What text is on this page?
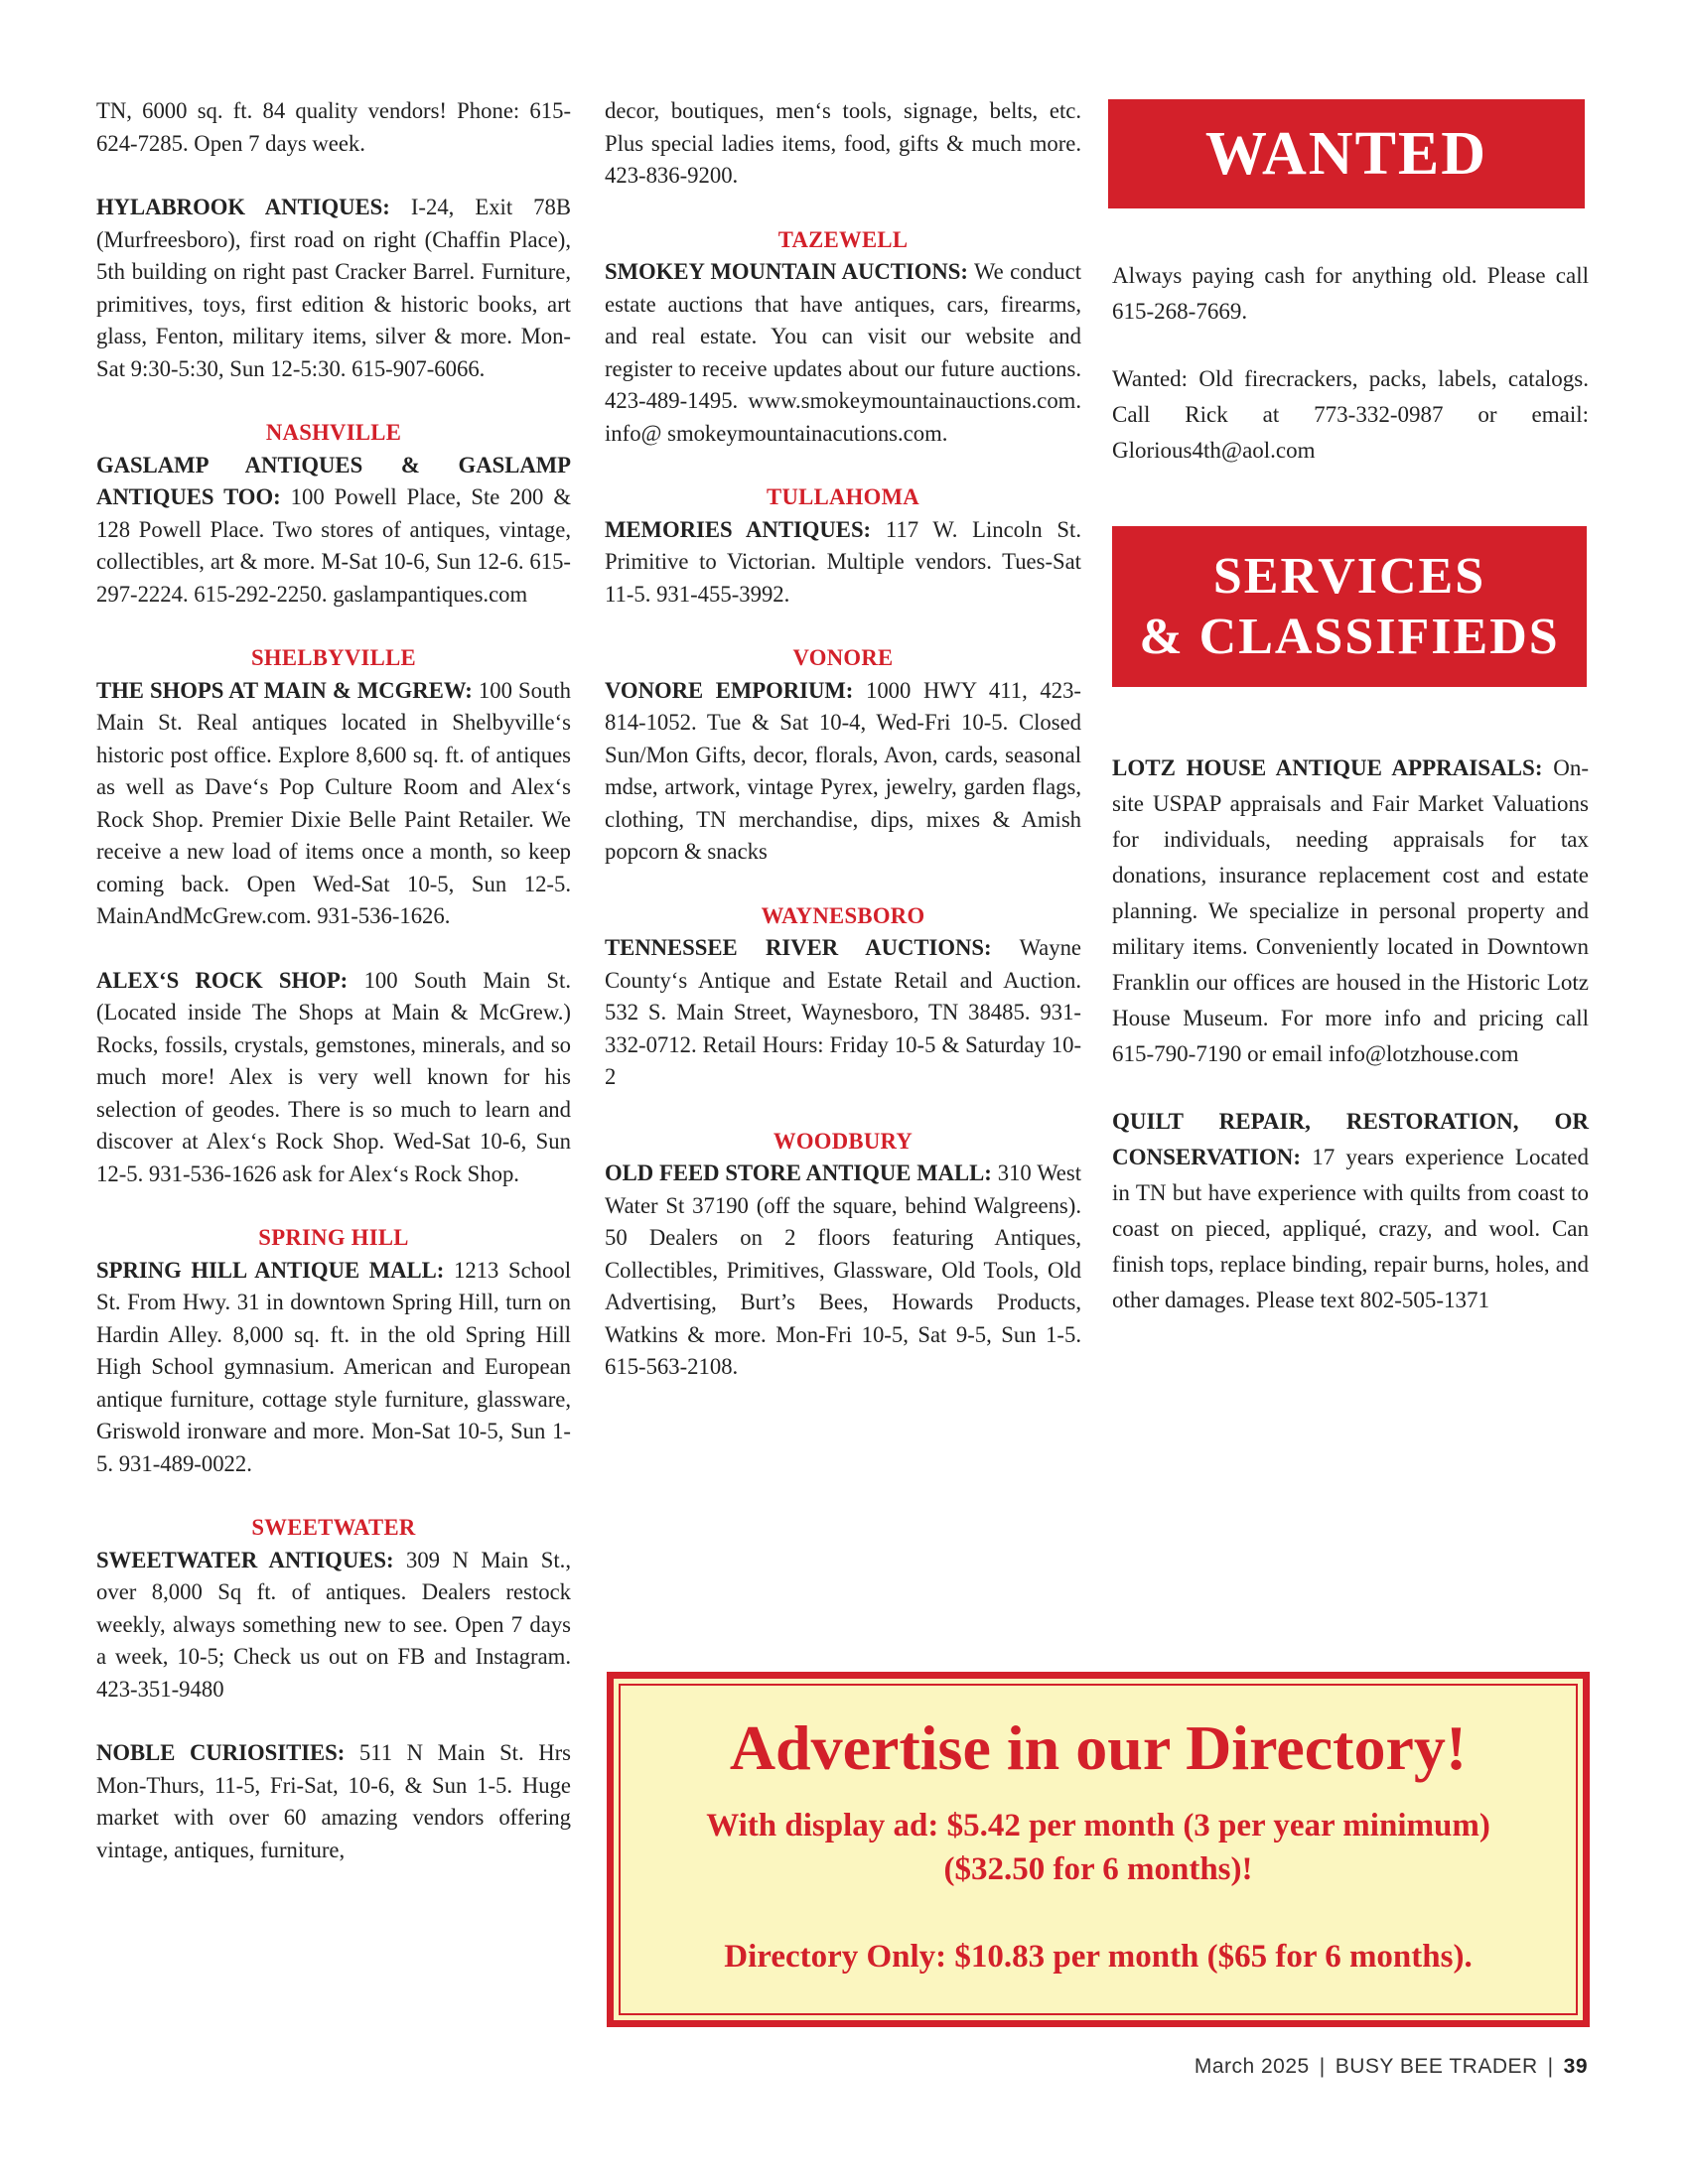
TN, 6000 sq. ft. 84 quality vendors! Phone: 615-624-7285. Open 7 days week.

HYLABROOK ANTIQUES: I-24, Exit 78B (Murfreesboro), first road on right (Chaffin Place), 5th building on right past Cracker Barrel. Furniture, primitives, toys, first edition & historic books, art glass, Fenton, military items, silver & more. Mon-Sat 9:30-5:30, Sun 12-5:30. 615-907-6066.

NASHVILLE

GASLAMP ANTIQUES & GASLAMP ANTIQUES TOO: 100 Powell Place, Ste 200 & 128 Powell Place. Two stores of antiques, vintage, collectibles, art & more. M-Sat 10-6, Sun 12-6. 615-297-2224. 615-292-2250. gaslampantiques.com

SHELBYVILLE

THE SHOPS AT MAIN & MCGREW: 100 South Main St. Real antiques located in Shelbyville‘s historic post office. Explore 8,600 sq. ft. of antiques as well as Dave‘s Pop Culture Room and Alex‘s Rock Shop. Premier Dixie Belle Paint Retailer. We receive a new load of items once a month, so keep coming back. Open Wed-Sat 10-5, Sun 12-5. MainAndMcGrew.com. 931-536-1626.

ALEX‘S ROCK SHOP: 100 South Main St. (Located inside The Shops at Main & McGrew.) Rocks, fossils, crystals, gemstones, minerals, and so much more! Alex is very well known for his selection of geodes. There is so much to learn and discover at Alex‘s Rock Shop. Wed-Sat 10-6, Sun 12-5. 931-536-1626 ask for Alex‘s Rock Shop.

SPRING HILL

SPRING HILL ANTIQUE MALL: 1213 School St. From Hwy. 31 in downtown Spring Hill, turn on Hardin Alley. 8,000 sq. ft. in the old Spring Hill High School gymnasium. American and European antique furniture, cottage style furniture, glassware, Griswold ironware and more. Mon-Sat 10-5, Sun 1-5. 931-489-0022.

SWEETWATER

SWEETWATER ANTIQUES: 309 N Main St., over 8,000 Sq ft. of antiques. Dealers restock weekly, always something new to see. Open 7 days a week, 10-5; Check us out on FB and Instagram. 423-351-9480

NOBLE CURIOSITIES: 511 N Main St. Hrs Mon-Thurs, 11-5, Fri-Sat, 10-6, & Sun 1-5. Huge market with over 60 amazing vendors offering vintage, antiques, furniture,

decor, boutiques, men‘s tools, signage, belts, etc. Plus special ladies items, food, gifts & much more. 423-836-9200.

TAZEWELL

SMOKEY MOUNTAIN AUCTIONS: We conduct estate auctions that have antiques, cars, firearms, and real estate. You can visit our website and register to receive updates about our future auctions. 423-489-1495. www.smokeymountainauctions.com. info@ smokeymountainacutions.com.

TULLAHOMA

MEMORIES ANTIQUES: 117 W. Lincoln St. Primitive to Victorian. Multiple vendors. Tues-Sat 11-5. 931-455-3992.

VONORE

VONORE EMPORIUM: 1000 HWY 411, 423-814-1052. Tue & Sat 10-4, Wed-Fri 10-5. Closed Sun/Mon Gifts, decor, florals, Avon, cards, seasonal mdse, artwork, vintage Pyrex, jewelry, garden flags, clothing, TN merchandise, dips, mixes & Amish popcorn & snacks

WAYNESBORO

TENNESSEE RIVER AUCTIONS: Wayne County‘s Antique and Estate Retail and Auction. 532 S. Main Street, Waynesboro, TN 38485. 931-332-0712. Retail Hours: Friday 10-5 & Saturday 10-2

WOODBURY

OLD FEED STORE ANTIQUE MALL: 310 West Water St 37190 (off the square, behind Walgreens). 50 Dealers on 2 floors featuring Antiques, Collectibles, Primitives, Glassware, Old Tools, Old Advertising, Burt’s Bees, Howards Products, Watkins & more. Mon-Fri 10-5, Sat 9-5, Sun 1-5. 615-563-2108.

WANTED

Always paying cash for anything old. Please call 615-268-7669.

Wanted: Old firecrackers, packs, labels, catalogs. Call Rick at 773-332-0987 or email: Glorious4th@aol.com

SERVICES
& CLASSIFIEDS

LOTZ HOUSE ANTIQUE APPRAISALS: On-site USPAP appraisals and Fair Market Valuations for individuals, needing appraisals for tax donations, insurance replacement cost and estate planning. We specialize in personal property and military items. Conveniently located in Downtown Franklin our offices are housed in the Historic Lotz House Museum. For more info and pricing call 615-790-7190 or email info@lotzhouse.com

QUILT REPAIR, RESTORATION, OR CONSERVATION: 17 years experience Located in TN but have experience with quilts from coast to coast on pieced, appliqué, crazy, and wool. Can finish tops, replace binding, repair burns, holes, and other damages. Please text 802-505-1371

Advertise in our Directory!
With display ad: $5.42 per month (3 per year minimum)
($32.50 for 6 months)!
Directory Only: $10.83 per month ($65 for 6 months).
March 2025 | BUSY BEE TRADER | 39
